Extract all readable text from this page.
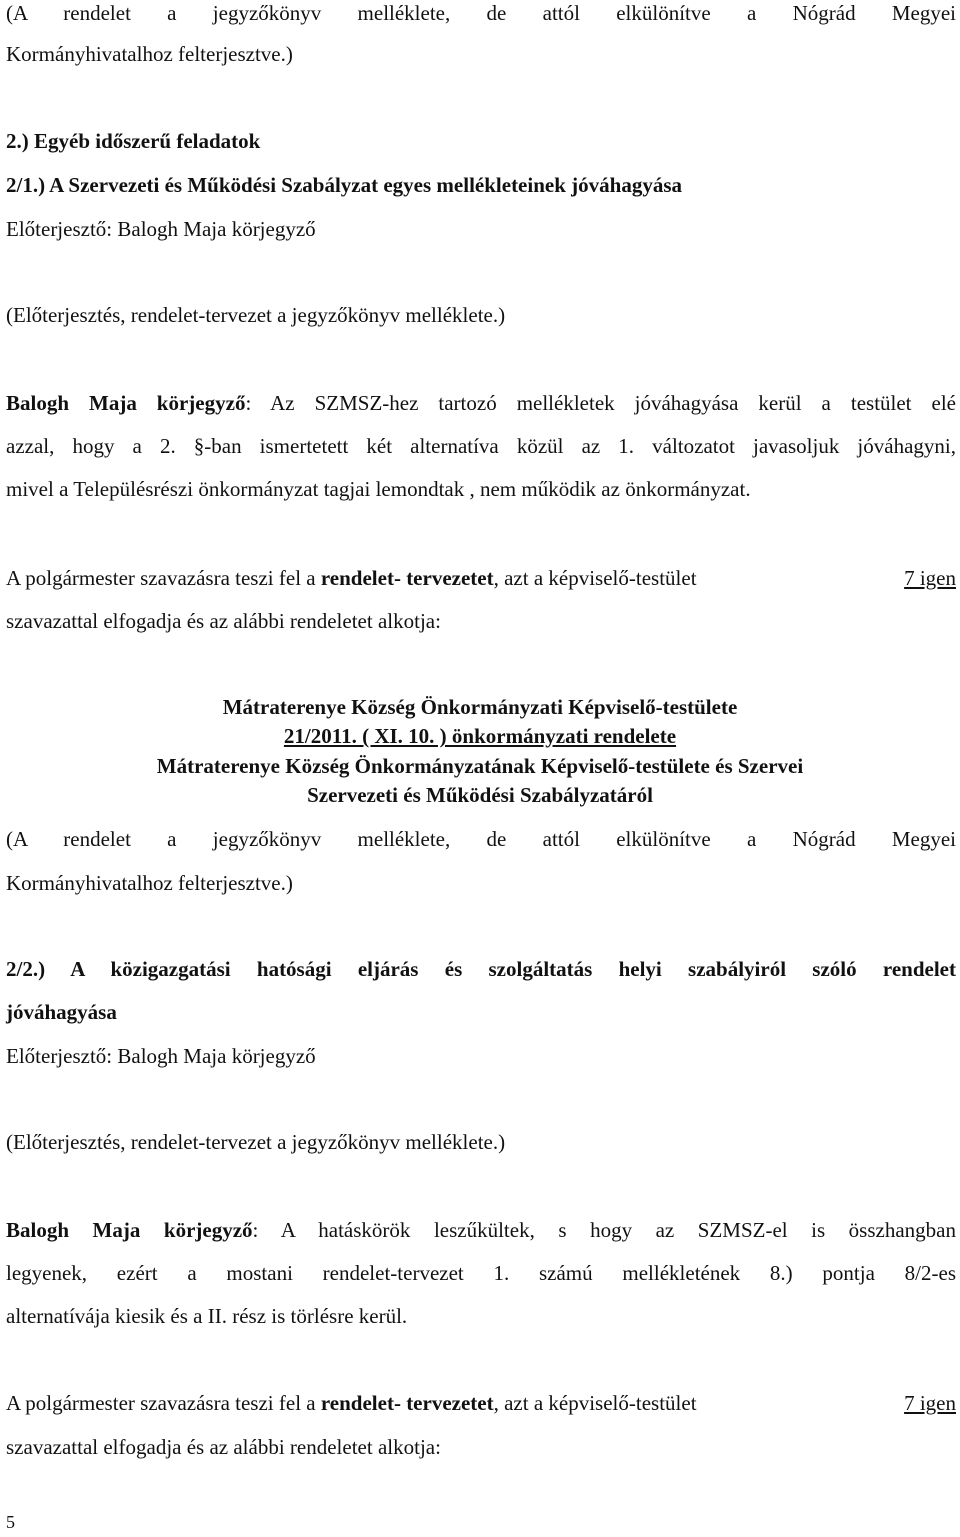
(A rendelet a jegyzőkönyv melléklete, de attól elkülönítve a Nógrád Megyei
Kormányhivatalhoz felterjesztve.)
2.) Egyéb időszerű feladatok
2/1.) A Szervezeti és Működési Szabályzat egyes mellékleteinek jóváhagyása
Előterjesztő: Balogh Maja körjegyző
(Előterjesztés, rendelet-tervezet a jegyzőkönyv melléklete.)
Balogh Maja körjegyző: Az SZMSZ-hez tartozó mellékletek jóváhagyása kerül a testület elé
azzal, hogy a 2. §-ban ismertetett két alternatíva közül az 1. változatot javasoljuk jóváhagyni,
mivel a Településrészi önkormányzat tagjai lemondtak , nem működik az önkormányzat.
A polgármester szavazásra teszi fel a rendelet- tervezetet, azt a képviselő-testület	7 igen
szavazattal elfogadja és az alábbi rendeletet alkotja:
Mátraterenye Község Önkormányzati Képviselő-testülete
21/2011. ( XI. 10. ) önkormányzati rendelete
Mátraterenye Község Önkormányzatának Képviselő-testülete és Szervei
Szervezeti és Működési Szabályzatáról
(A rendelet a jegyzőkönyv melléklete, de attól elkülönítve a Nógrád Megyei
Kormányhivatalhoz felterjesztve.)
2/2.) A közigazgatási hatósági eljárás és szolgáltatás helyi szabályiról szóló rendelet
jóváhagyása
Előterjesztő: Balogh Maja körjegyző
(Előterjesztés, rendelet-tervezet a jegyzőkönyv melléklete.)
Balogh Maja körjegyző: A hatáskörök leszűkültek, s hogy az SZMSZ-el is összhangban
legyenek, ezért a mostani rendelet-tervezet 1. számú mellékletének 8.) pontja 8/2-es
alternatívája kiesik és a II. rész is törlésre kerül.
A polgármester szavazásra teszi fel a rendelet- tervezetet, azt a képviselő-testület	7 igen
szavazattal elfogadja és az alábbi rendeletet alkotja:
5
